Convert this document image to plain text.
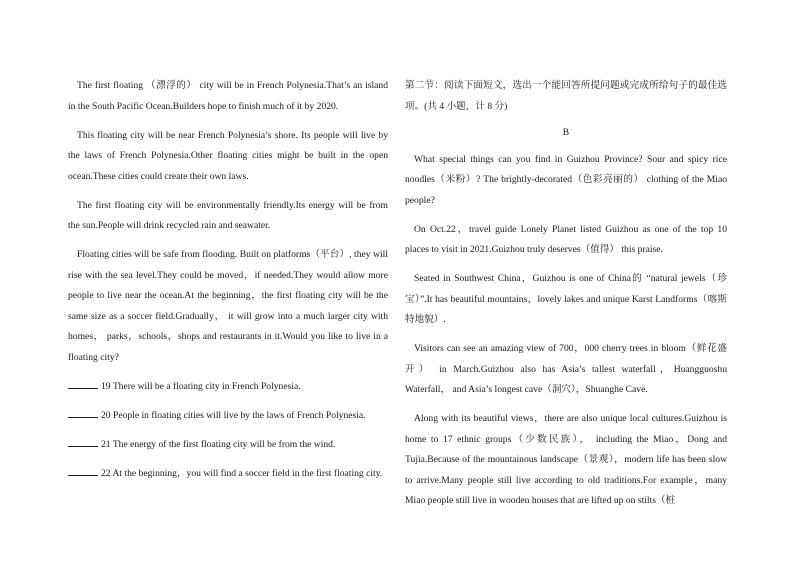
The first floating （漂浮的） city will be in French Polynesia.That’s an island in the South Pacific Ocean.Builders hope to finish much of it by 2020.

This floating city will be near French Polynesia’s shore. Its people will live by the laws of French Polynesia.Other floating cities might be built in the open ocean.These cities could create their own laws.

The first floating city will be environmentally friendly.Its energy will be from the sun.People will drink recycled rain and seawater.

Floating cities will be safe from flooding. Built on platforms（平台）, they will rise with the sea level.They could be moved，if needed.They would allow more people to live near the ocean.At the beginning，the first floating city will be the same size as a soccer field.Gradually， it will grow into a much larger city with homes， parks，schools，shops and restaurants in it.Would you like to live in a floating city?

19 There will be a floating city in French Polynesia.
20 People in floating cities will live by the laws of French Polynesia.
21 The energy of the first floating city will be from the wind.
22 At the beginning，you will find a soccer field in the first floating city.

第二节：阅读下面短文，选出一个能回答所提问题或完成所给句子的最佳选项。(共 4 小题，计 8 分)

B

What special things can you find in Guizhou Province? Sour and spicy rice noodles（米粉）? The brightly-decorated（色彩亮丽的） clothing of the Miao people?

On Oct.22，travel guide Lonely Planet listed Guizhou as one of the top 10 places to visit in 2021.Guizhou truly deserves（值得） this praise.

Seated in Southwest China，Guizhou is one of China的 “natural jewels（珍宝）”.It has beautiful mountains，lovely lakes and unique Karst Landforms（喀斯特地貌）.

Visitors can see an amazing view of 700，000 cherry trees in bloom（鲜花盛开） in March.Guizhou also has Asia’s tallest waterfall，Huangguoshu Waterfall， and Asia’s longest cave（洞穴），Shuanghe Cave.

Along with its beautiful views，there are also unique local cultures.Guizhou is home to 17 ethnic groups（少数民族）， including the Miao，Dong and Tujia.Because of the mountainous landscape（景观），modern life has been slow to arrive.Many people still live according to old traditions.For example，many Miao people still live in wooden houses that are lifted up on stilts（桩
